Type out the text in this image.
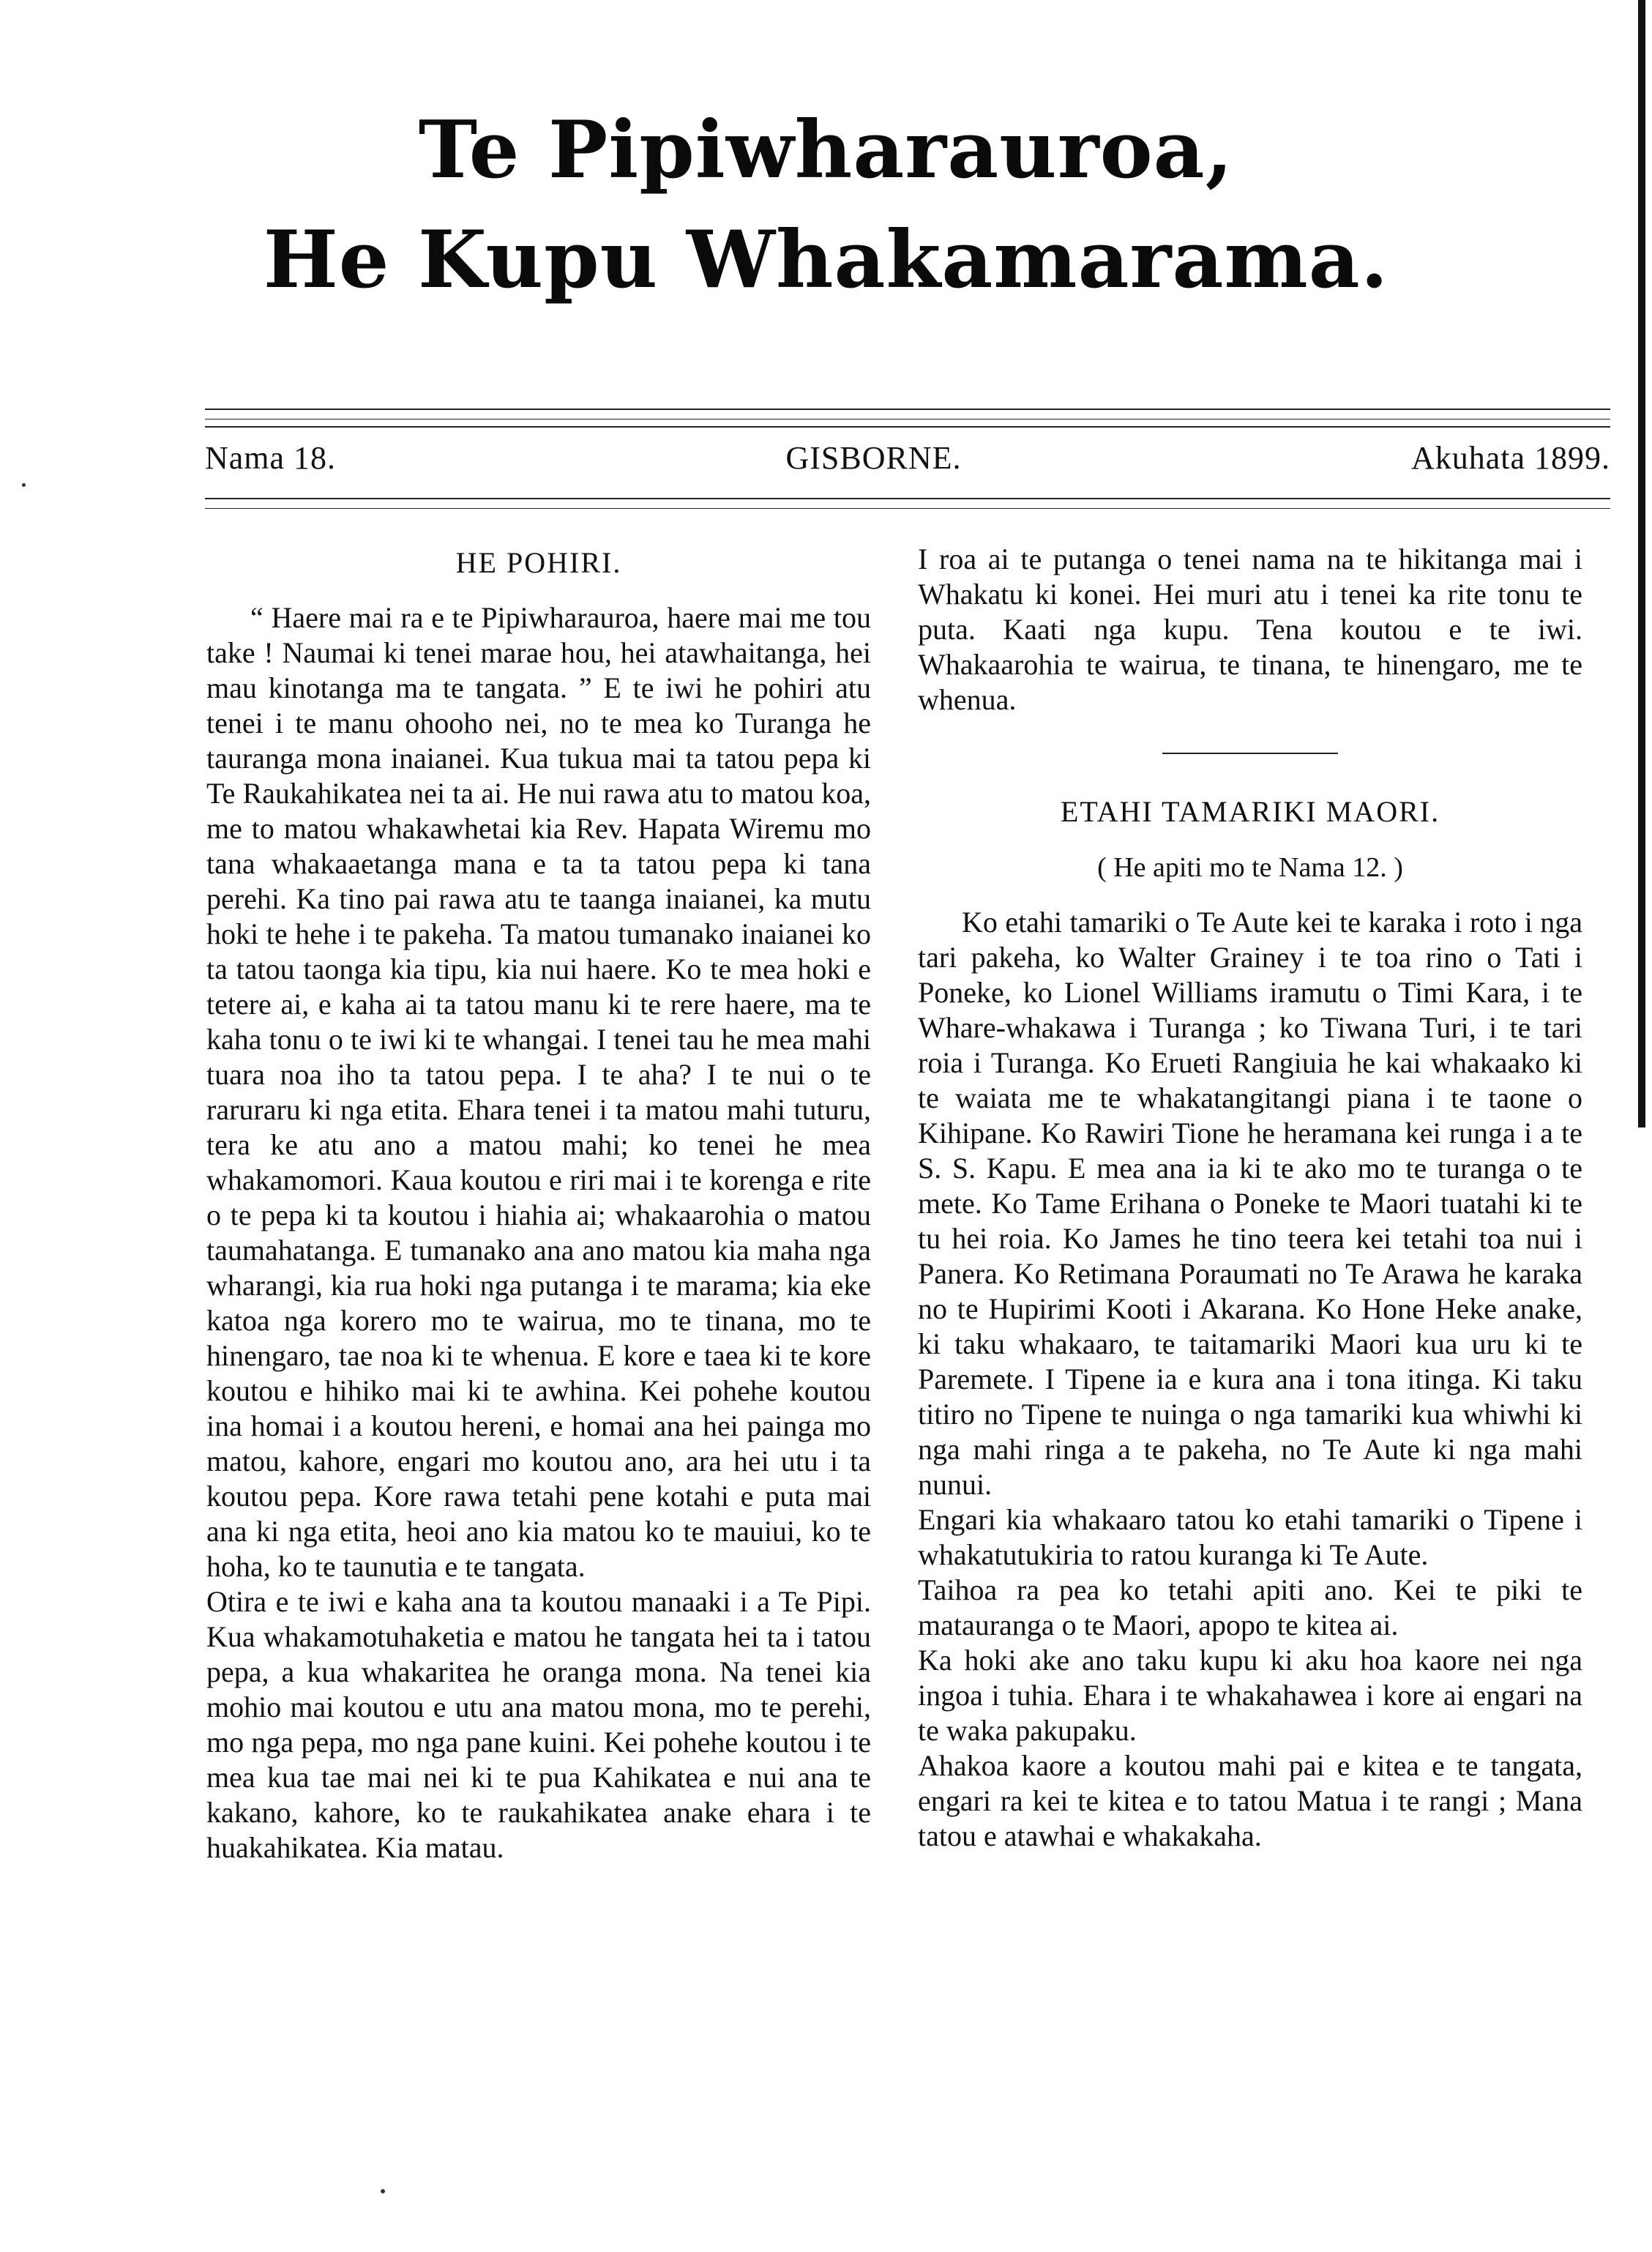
Te Pipiwharauroa,
He Kupu Whakamarama.
Nama 18.	GISBORNE.	Akuhata 1899.
HE POHIRI.

“ Haere mai ra e te Pipiwharauroa, haere mai me tou take ! Naumai ki tenei marae hou, hei atawhaitanga, hei mau kinotanga ma te tangata. ” E te iwi he pohiri atu tenei i te manu ohooho nei, no te mea ko Turanga he tauranga mona inaianei. Kua tukua mai ta tatou pepa ki Te Raukahikatea nei ta ai. He nui rawa atu to matou koa, me to matou whakawhetai kia Rev. Hapata Wiremu mo tana whakaaetanga mana e ta ta tatou pepa ki tana perehi. Ka tino pai rawa atu te taanga inaianei, ka mutu hoki te hehe i te pakeha. Ta matou tumanako inaianei ko ta tatou taonga kia tipu, kia nui haere. Ko te mea hoki e tetere ai, e kaha ai ta tatou manu ki te rere haere, ma te kaha tonu o te iwi ki te whangai. I tenei tau he mea mahi tuara noa iho ta tatou pepa. I te aha? I te nui o te raruraru ki nga etita. Ehara tenei i ta matou mahi tuturu, tera ke atu ano a matou mahi; ko tenei he mea whakamomori. Kaua koutou e riri mai i te korenga e rite o te pepa ki ta koutou i hiahia ai; whakaarohia o matou taumahatanga. E tumanako ana ano matou kia maha nga wharangi, kia rua hoki nga putanga i te marama; kia eke katoa nga korero mo te wairua, mo te tinana, mo te hinengaro, tae noa ki te whenua. E kore e taea ki te kore koutou e hihiko mai ki te awhina. Kei pohehe koutou ina homai i a koutou hereni, e homai ana hei painga mo matou, kahore, engari mo koutou ano, ara hei utu i ta koutou pepa. Kore rawa tetahi pene kotahi e puta mai ana ki nga etita, heoi ano kia matou ko te mauiui, ko te hoha, ko te taunutia e te tangata.

Otira e te iwi e kaha ana ta koutou manaaki i a Te Pipi. Kua whakamotuhaketia e matou he tangata hei ta i tatou pepa, a kua whakaritea he oranga mona. Na tenei kia mohio mai koutou e utu ana matou mona, mo te perehi, mo nga pepa, mo nga pane kuini. Kei pohehe koutou i te mea kua tae mai nei ki te pua Kahikatea e nui ana te kakano, kahore, ko te raukahikatea anake ehara i te huakahikatea. Kia matau.

I roa ai te putanga o tenei nama na te hikitanga mai i Whakatu ki konei. Hei muri atu i tenei ka rite tonu te puta. Kaati nga kupu. Tena koutou e te iwi. Whakaarohia te wairua, te tinana, te hinengaro, me te whenua.

ETAHI TAMARIKI MAORI.
( He apiti mo te Nama 12. )

Ko etahi tamariki o Te Aute kei te karaka i roto i nga tari pakeha, ko Walter Grainey i te toa rino o Tati i Poneke, ko Lionel Williams iramutu o Timi Kara, i te Whare-whakawa i Turanga ; ko Tiwana Turi, i te tari roia i Turanga. Ko Erueti Rangiuia he kai whakaako ki te waiata me te whakatangitangi piana i te taone o Kihipane. Ko Rawiri Tione he heramana kei runga i a te S. S. Kapu. E mea ana ia ki te ako mo te turanga o te mete. Ko Tame Erihana o Poneke te Maori tuatahi ki te tu hei roia. Ko James he tino teera kei tetahi toa nui i Panera. Ko Retimana Poraumati no Te Arawa he karaka no te Hupirimi Kooti i Akarana. Ko Hone Heke anake, ki taku whakaaro, te taitamariki Maori kua uru ki te Paremete. I Tipene ia e kura ana i tona itinga. Ki taku titiro no Tipene te nuinga o nga tamariki kua whiwhi ki nga mahi ringa a te pakeha, no Te Aute ki nga mahi nunui.

Engari kia whakaaro tatou ko etahi tamariki o Tipene i whakatutukiria to ratou kuranga ki Te Aute.

Taihoa ra pea ko tetahi apiti ano. Kei te piki te matauranga o te Maori, apopo te kitea ai.

Ka hoki ake ano taku kupu ki aku hoa kaore nei nga ingoa i tuhia. Ehara i te whakahawea i kore ai engari na te waka pakupaku.

Ahakoa kaore a koutou mahi pai e kitea e te tangata, engari ra kei te kitea e to tatou Matua i te rangi ; Mana tatou e atawhai e whakakaha.
